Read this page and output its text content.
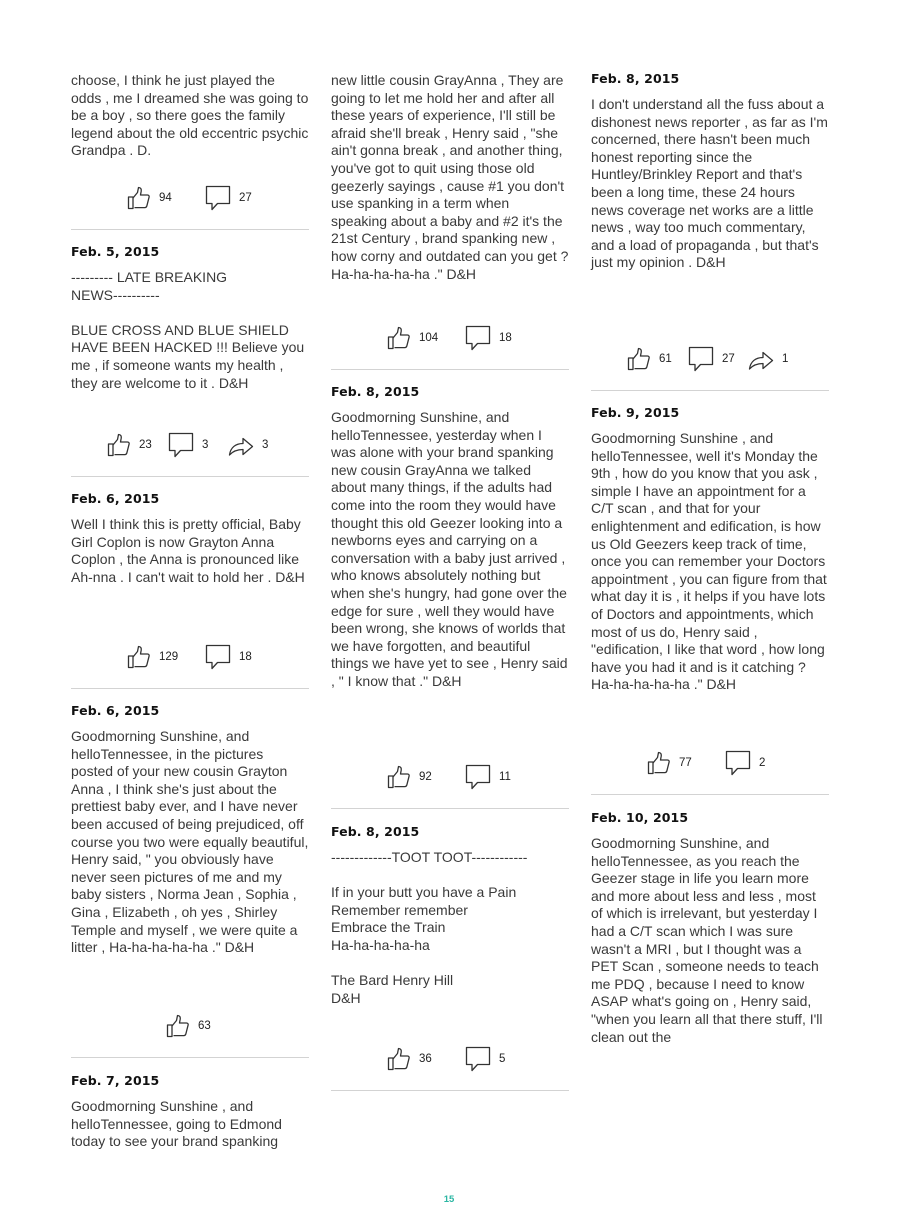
choose, I think he just played the odds , me I dreamed she was going to be a boy , so there goes the family legend about the old eccentric psychic Grandpa . D.

94	27
Feb. 5, 2015

--------- LATE BREAKING
NEWS----------

BLUE CROSS AND BLUE SHIELD HAVE BEEN HACKED !!! Believe you me , if someone wants my health , they are welcome to it . D&H

23	3	3
Feb. 6, 2015

Well I think this is pretty official, Baby Girl Coplon is now Grayton Anna Coplon , the Anna is pronounced like Ah-nna . I can't wait to hold her . D&H

129	18
Feb. 6, 2015

Goodmorning Sunshine, and helloTennessee, in the pictures posted of your new cousin Grayton Anna , I think she's just about the prettiest baby ever, and I have never been accused of being prejudiced, off course you two were equally beautiful, Henry said, " you obviously have never seen pictures of me and my baby sisters , Norma Jean , Sophia , Gina , Elizabeth , oh yes , Shirley Temple and myself , we were quite a litter , Ha-ha-ha-ha-ha ." D&H

63
Feb. 7, 2015

Goodmorning Sunshine , and helloTennessee, going to Edmond today to see your brand spanking

new little cousin GrayAnna , They are going to let me hold her and after all these years of experience, I'll still be afraid she'll break , Henry said , "she ain't gonna break , and another thing, you've got to quit using those old geezerly sayings , cause #1 you don't use spanking in a term when speaking about a baby and #2 it's the 21st Century , brand spanking new , how corny and outdated can you get ? Ha-ha-ha-ha-ha ." D&H

104	18
Feb. 8, 2015

Goodmorning Sunshine, and helloTennessee, yesterday when I was alone with your brand spanking new cousin GrayAnna we talked about many things, if the adults had come into the room they would have thought this old Geezer looking into a newborns eyes and carrying on a conversation with a baby just arrived , who knows absolutely nothing but when she's hungry, had gone over the edge for sure , well they would have been wrong, she knows of worlds that we have forgotten, and beautiful things we have yet to see , Henry said , " I know that ." D&H

92	11
Feb. 8, 2015

-------------TOOT TOOT------------

If in your butt you have a Pain
Remember remember
Embrace the Train
Ha-ha-ha-ha-ha

The Bard Henry Hill
D&H

36	5
Feb. 8, 2015

I don't understand all the fuss about a dishonest news reporter , as far as I'm concerned, there hasn't been much honest reporting since the Huntley/Brinkley Report and that's been a long time, these 24 hours news coverage net works are a little news , way too much commentary, and a load of propaganda , but that's just my opinion . D&H

61	27	1
Feb. 9, 2015

Goodmorning Sunshine , and helloTennessee, well it's Monday the 9th , how do you know that you ask , simple I have an appointment for a C/T scan , and that for your enlightenment and edification, is how us Old Geezers keep track of time, once you can remember your Doctors appointment , you can figure from that what day it is , it helps if you have lots of Doctors and appointments, which most of us do, Henry said , "edification, I like that word , how long have you had it and is it catching ? Ha-ha-ha-ha-ha ." D&H

77	2
Feb. 10, 2015

Goodmorning Sunshine, and helloTennessee, as you reach the Geezer stage in life you learn more and more about less and less , most of which is irrelevant, but yesterday I had a C/T scan which I was sure wasn't a MRI , but I thought was a PET Scan , someone needs to teach me PDQ , because I need to know ASAP what's going on , Henry said, "when you learn all that there stuff, I'll clean out the

15
